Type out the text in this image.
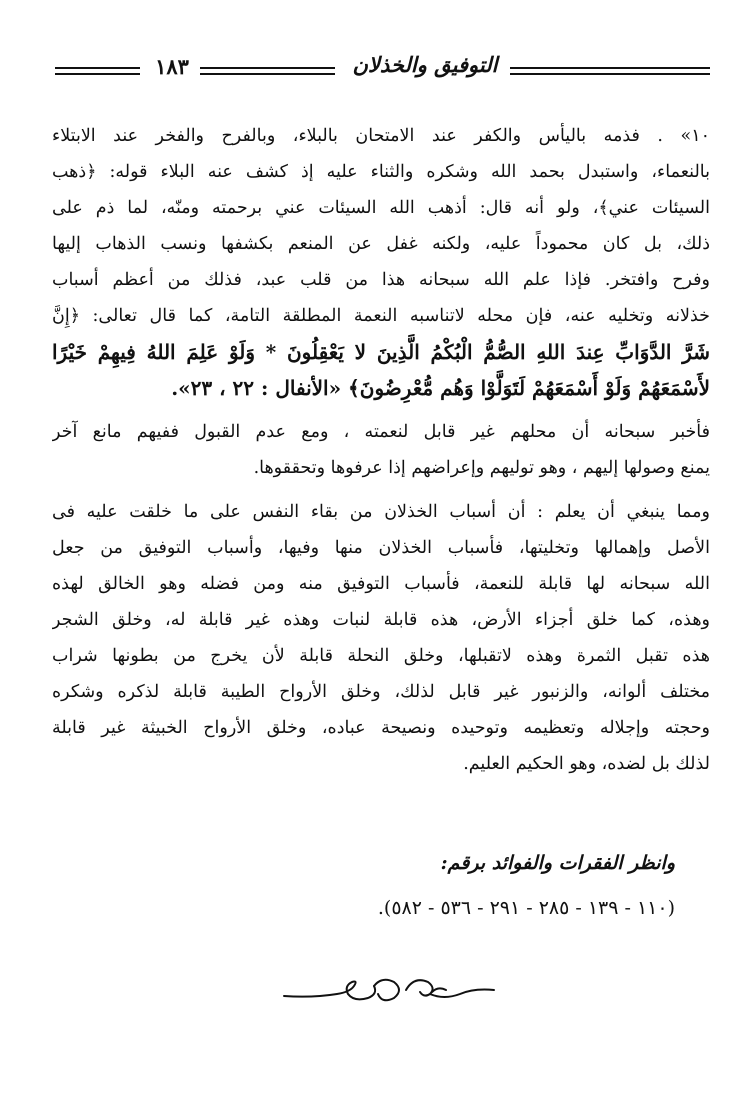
١٨٣	التوفيق والخذلان
١٠» . فذمه باليأس والكفر عند الامتحان بالبلاء، وبالفرح والفخر عند الابتلاء
بالنعماء، واستبدل بحمد الله وشكره والثناء عليه إذ كشف عنه البلاء قوله: ﴿ذهب
السيئات عني﴾، ولو أنه قال: أذهب الله السيئات عني برحمته ومنّه، لما ذم على
ذلك، بل كان محموداً عليه، ولكنه غفل عن المنعم بكشفها ونسب الذهاب إليها
وفرح وافتخر. فإذا علم الله سبحانه هذا من قلب عبد، فذلك من أعظم أسباب
خذلانه وتخليه عنه، فإن محله لاتناسبه النعمة المطلقة التامة، كما قال تعالى: ﴿إِنَّ
شَرَّ الدَّوَابِّ عِندَ اللهِ الصُّمُّ الْبُكْمُ الَّذِينَ لا يَعْقِلُونَ * وَلَوْ عَلِمَ اللهُ فِيهِمْ خَيْرًا
لأَسْمَعَهُمْ وَلَوْ أَسْمَعَهُمْ لَتَوَلَّوْا وَهُم مُّعْرِضُونَ﴾ «الأنفال : ٢٢ ، ٢٣».
فأخبر سبحانه أن محلهم غير قابل لنعمته ، ومع عدم القبول ففيهم مانع آخر
يمنع وصولها إليهم ، وهو توليهم وإعراضهم إذا عرفوها وتحققوها.
ومما ينبغي أن يعلم : أن أسباب الخذلان من بقاء النفس على ما خلقت عليه فى
الأصل وإهمالها وتخليتها، فأسباب الخذلان منها وفيها، وأسباب التوفيق من جعل
الله سبحانه لها قابلة للنعمة، فأسباب التوفيق منه ومن فضله وهو الخالق لهذه
وهذه، كما خلق أجزاء الأرض، هذه قابلة لنبات وهذه غير قابلة له، وخلق الشجر
هذه تقبل الثمرة وهذه لاتقبلها، وخلق النحلة قابلة لأن يخرج من بطونها شراب
مختلف ألوانه، والزنبور غير قابل لذلك، وخلق الأرواح الطيبة قابلة لذكره وشكره
وحجته وإجلاله وتعظيمه وتوحيده ونصيحة عباده، وخلق الأرواح الخبيثة غير قابلة
لذلك بل لضده، وهو الحكيم العليم.
وانظر الفقرات والفوائد برقم:
(١١٠ - ١٣٩ - ٢٨٥ - ٢٩١ - ٥٣٦ - ٥٨٢).
